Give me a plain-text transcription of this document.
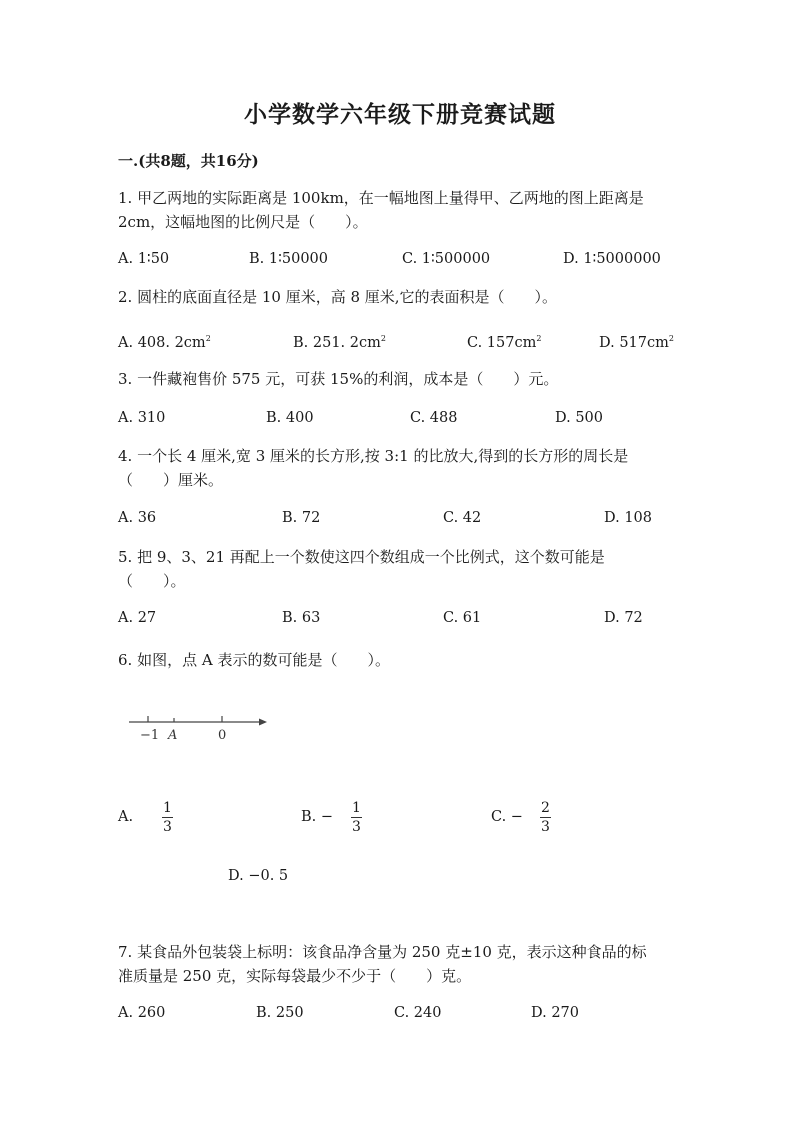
小学数学六年级下册竞赛试题
一.(共8题，共16分)
1. 甲乙两地的实际距离是 100km，在一幅地图上量得甲、乙两地的图上距离是
2cm，这幅地图的比例尺是（　　）。
A. 1∶50	B. 1∶50000	C. 1∶500000	D. 1∶5000000
2. 圆柱的底面直径是 10 厘米，高 8 厘米,它的表面积是（　　）。
A. 408. $2cm^2$	B. 251. $2cm^2$	C. $157cm^2$	D. $517cm^2$
3. 一件藏袍售价 575 元，可获 15%的利润，成本是（　　）元。
A. 310	B. 400	C. 488	D. 500
4. 一个长 4 厘米,宽 3 厘米的长方形,按 3:1 的比放大,得到的长方形的周长是
（　　）厘米。
A. 36	B. 72	C. 42	D. 108
5. 把 9、3、21 再配上一个数使这四个数组成一个比例式，这个数可能是
（　　）。
A. 27	B. 63	C. 61	D. 72
6. 如图，点 A 表示的数可能是（　　）。
−1 A	0
A.
1
3
B. −
1
3
C. −
2
3
D. −0. 5
7. 某食品外包装袋上标明：该食品净含量为 250 克±10 克，表示这种食品的标
准质量是 250 克，实际每袋最少不少于（　　）克。
A. 260	B. 250	C. 240	D. 270
